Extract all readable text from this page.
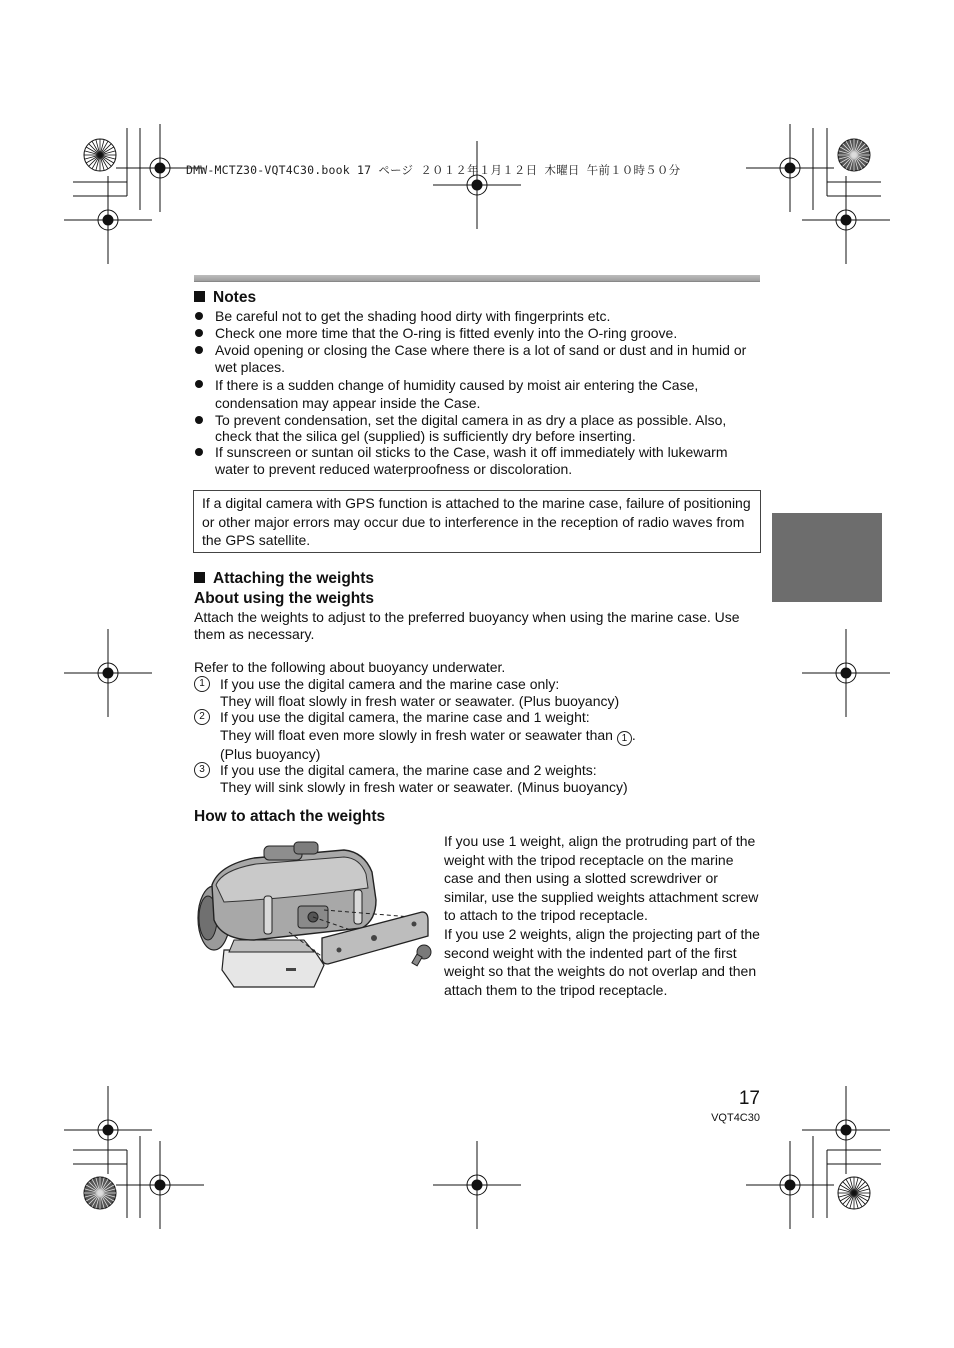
DMW-MCTZ30-VQT4C30.book 17 ページ ２０１２年１月１２日 木曜日 午前１０時５０分
Notes
Be careful not to get the shading hood dirty with fingerprints etc.
Check one more time that the O-ring is fitted evenly into the O-ring groove.
Avoid opening or closing the Case where there is a lot of sand or dust and in humid or wet places.
If there is a sudden change of humidity caused by moist air entering the Case, condensation may appear inside the Case.
To prevent condensation, set the digital camera in as dry a place as possible. Also, check that the silica gel (supplied) is sufficiently dry before inserting.
If sunscreen or suntan oil sticks to the Case, wash it off immediately with lukewarm water to prevent reduced waterproofness or discoloration.
If a digital camera with GPS function is attached to the marine case, failure of positioning or other major errors may occur due to interference in the reception of radio waves from the GPS satellite.
Attaching the weights
About using the weights
Attach the weights to adjust to the preferred buoyancy when using the marine case. Use them as necessary.
Refer to the following about buoyancy underwater.
1	If you use the digital camera and the marine case only:
They will float slowly in fresh water or seawater. (Plus buoyancy)
2	If you use the digital camera, the marine case and 1 weight:
They will float even more slowly in fresh water or seawater than 1 .
(Plus buoyancy)
3	If you use the digital camera, the marine case and 2 weights:
They will sink slowly in fresh water or seawater. (Minus buoyancy)
How to attach the weights
If you use 1 weight, align the protruding part of the weight with the tripod receptacle on the marine case and then using a slotted screwdriver or similar, use the supplied weights attachment screw to attach to the tripod receptacle.
If you use 2 weights, align the projecting part of the second weight with the indented part of the first weight so that the weights do not overlap and then attach them to the tripod receptacle.
17
VQT4C30
